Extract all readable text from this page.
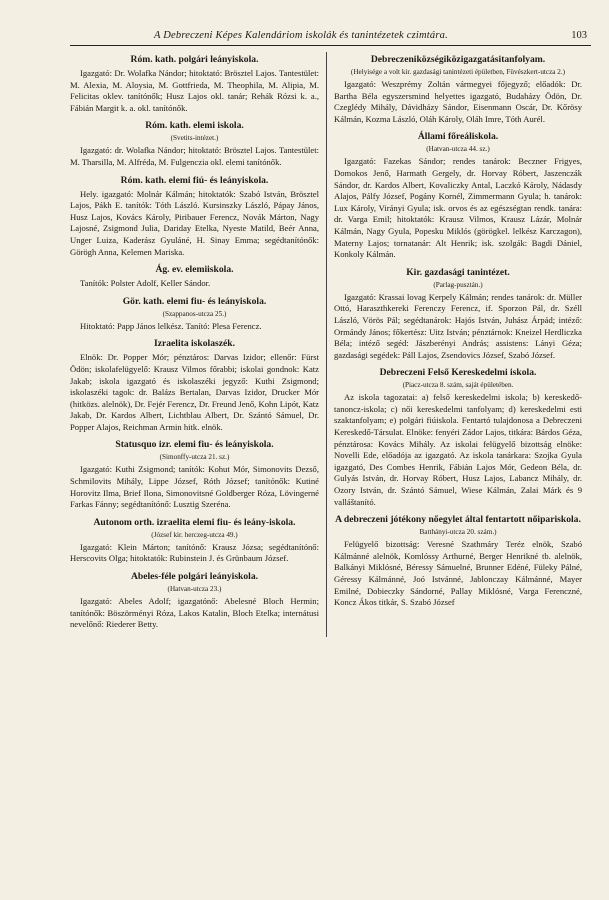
A Debreczeni Képes Kalendáriom iskolák és tanintézetek czimtára.	103
Róm. kath. polgári leányiskola.

Igazgató: Dr. Wolafka Nándor; hitoktató: Brösztel Lajos. Tantestület: M. Alexia, M. Aloysia, M. Gottfrieda, M. Theophila, M. Alipia, M. Felicitas oklev. tanítónők; Husz Lajos okl. tanár; Rehák Rózsi k. a., Fábián Margit k. a. okl. tanítónők.

Róm. kath. elemi iskola.
(Svetits-intézet.)

Igazgató: dr. Wolafka Nándor; hitoktató: Brösztel Lajos. Tantestület: M. Tharsilla, M. Alfréda, M. Fulgenczia okl. elemi tanítónők.

Róm. kath. elemi fiú- és leányiskola.

Hely. igazgató: Molnár Kálmán; hitoktatók: Szabó István, Brösztel Lajos, Pákh E. tanítók: Tóth László. Kursinszky László, Pápay János, Husz Lajos, Kovács Károly, Piribauer Ferencz, Novák Márton, Nagy Lajosné, Zsigmond Julia, Dariday Etelka, Nyeste Matild, Beér Anna, Unger Luiza, Kaderász Gyuláné, H. Sinay Emma; segédtanítónők: Görögh Anna, Kelemen Mariska.

Ág. ev. elemiiskola.

Tanítók: Polster Adolf, Keller Sándor.

Gör. kath. elemi fiu- és leányiskola.
(Szappanos-utcza 25.)

Hitoktató: Papp János lelkész. Tanító: Plesa Ferencz.

Izraelita iskolaszék.

Elnök: Dr. Popper Mór; pénztáros: Darvas Izidor; ellenőr: Fürst Ödön; iskolafelügyelő: Krausz Vilmos főrabbi; iskolai gondnok: Katz Jakab; iskola igazgató és iskolaszéki jegyző: Kuthi Zsigmond; iskolaszéki tagok: dr. Balázs Bertalan, Darvas Izidor, Drucker Mór (hitközs. alelnök), Dr. Fejér Ferencz, Dr. Freund Jenő, Kohn Lipót, Katz Jakab, Dr. Kardos Albert, Lichtblau Albert, Dr. Szántó Sámuel, Dr. Popper Alajos, Reichman Armin hitk. elnök.

Statusquo izr. elemi fiu- és leányiskola.
(Simonffy-utcza 21. sz.)

Igazgató: Kuthi Zsigmond; tanítók: Kohut Mór, Simonovits Dezső, Schmilovits Mihály, Lippe József, Róth József; tanítónők: Kutiné Horovitz Ilma, Brief Ilona, Simonovitsné Goldberger Róza, Lövingerné Farkas Fánny; segédtanítónő: Lusztig Szeréna.

Autonom orth. izraelita elemi fiu- és leány-iskola.
(József kir. herczeg-utcza 49.)

Igazgató: Klein Márton; tanítónő: Krausz Józsa; segédtanítónő: Herscovits Olga; hitoktatók: Rubinstein J. és Grünbaum József.

Abeles-féle polgári leányiskola.
(Hatvan-utcza 23.)

Igazgató: Abeles Adolf; igazgatónő: Abelesné Bloch Hermin; tanítónők: Böszörményi Róza, Lakos Katalin, Bloch Etelka; internátusi nevelőnő: Riederer Betty.

Debreczeniközségiközigazgatásitanfolyam.
(Helyisége a volt kir. gazdasági tanintézeti épületben, Füvészkert-utcza 2.)

Igazgató: Weszprémy Zoltán vármegyei főjegyző; előadók: Dr. Bartha Béla egyszersmind helyettes igazgató, Budaházy Ödön, Dr. Czeglédy Mihály, Dávidházy Sándor, Eisenmann Oscár, Dr. Kőrösy Kálmán, Kozma László, Oláh Károly, Oláh Imre, Tóth Aurél.

Állami főreáliskola.
(Hatvan-utcza 44. sz.)

Igazgató: Fazekas Sándor; rendes tanárok: Beczner Frigyes, Domokos Jenő, Harmath Gergely, dr. Horvay Róbert, Jaszenczák Sándor, dr. Kardos Albert, Kovaliczky Antal, Laczkó Károly, Nádasdy Alajos, Pálfy József, Pogány Kornél, Zimmermann Gyula; h. tanárok: Lux Károly, Virányi Gyula; isk. orvos és az egészségtan rendk. tanára: dr. Varga Emil; hitoktatók: Krausz Vilmos, Krausz Lázár, Molnár Kálmán, Nagy Gyula, Popesku Miklós (görögkel. lelkész Karczagon), Materny Lajos; tornatanár: Alt Henrik; isk. szolgák: Bagdi Dániel, Konkoly Kálmán.

Kir. gazdasági tanintézet.
(Parlag-pusztán.)

Igazgató: Krassai lovag Kerpely Kálmán; rendes tanárok: dr. Müller Ottó, Haraszthkereki Ferenczy Ferencz, if. Sporzon Pál, dr. Széll László, Vörös Pál; segédtanárok: Hajós István, Juhász Árpád; intéző: Ormándy János; főkertész: Uitz István; pénztárnok: Kneizel Herdliczka Béla; intéző segéd: Jászberényi András; assistens: Lányi Géza; gazdasági segédek: Páll Lajos, Zsendovics József, Szabó József.

Debreczeni Felső Kereskedelmi iskola.
(Piacz-utcza 8. szám, saját épületében.

Az iskola tagozatai: a) felső kereskedelmi iskola; b) kereskedő-tanoncz-iskola; c) női kereskedelmi tanfolyam; d) kereskedelmi esti szaktanfolyam; e) polgári fiúiskola. Fentartó tulajdonosa a Debreczeni Kereskedő-Társulat. Elnöke: fenyéri Zádor Lajos, titkára: Bárdos Géza, pénztárosa: Kovács Mihály. Az iskolai felügyelő bizottság elnöke: Novelli Ede, előadója az igazgató. Az iskola tanárkara: Szojka Gyula igazgató, Des Combes Henrik, Fábián Lajos Mór, Gedeon Béla, dr. Gulyás István, dr. Horvay Róbert, Husz Lajos, Labancz Mihály, dr. Ozory István, dr. Szántó Sámuel, Wiese Kálmán, Zalai Márk és 9 valláštanító.

A debreczeni jótékony nőegylet által fentartott nőipariskola.
Batthányi-utcza 20. szám.)

Felügyelő bizottság: Veresné Szathmáry Teréz elnök, Szabó Kálmánné alelnök, Komlóssy Arthurné, Berger Henrikné tb. alelnök, Balkányi Miklósné, Béressy Sámuelné, Brunner Edéné, Füleky Pálné, Géressy Kálmánné, Joó Istvánné, Jablonczay Kálmánné, Mayer Emilné, Dobieczky Sándorné, Pallay Miklósné, Varga Ferenczné, Koncz Ákos titkár, S. Szabó József
